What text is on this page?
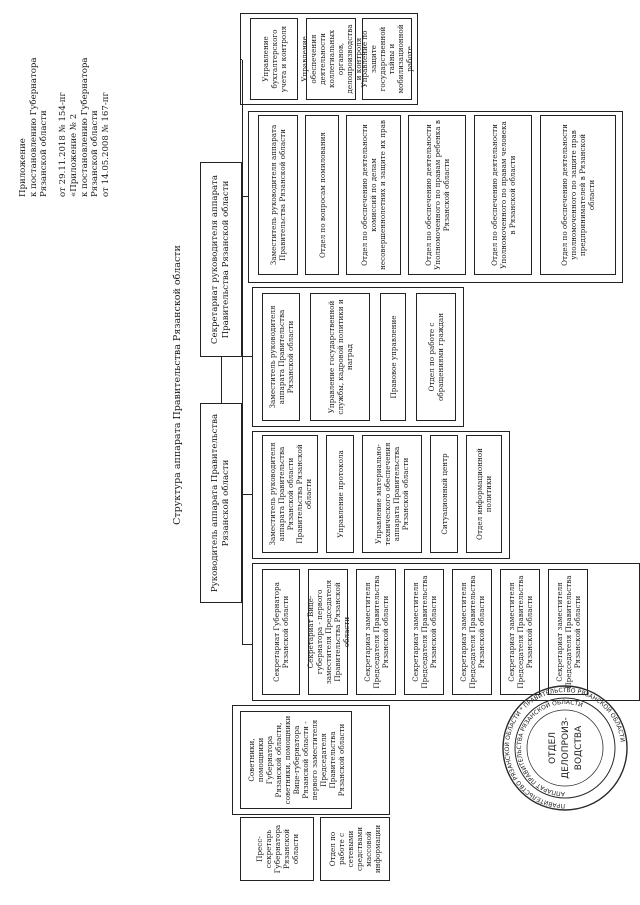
Приложение к постановлению Губернатора Рязанской области от 29.11.2018 № 154-пг «Приложение № 2 к постановлению Губернатора Рязанской области от 14.05.2008 № 167-пг
Структура аппарата Правительства Рязанской области	Руководитель аппарата Правительства Рязанской области
Секретариат руководителя аппарата Правительства Рязанской области
Управление бухгалтерского учета и контроля	Управление обеспечения деятельности коллегиальных органов, делопроизводства и контроля
Управление по защите государственной тайны и мобилизационной работе
Заместитель руководителя аппарата Правительства Рязанской области	Отдел по вопросам помилования	Отдел по обеспечению деятельности комиссий по делам несовершеннолетних и защите их прав	Отдел по обеспечению деятельности Уполномоченного по правам ребенка в Рязанской области	Отдел по обеспечению деятельности Уполномоченного по правам человека в Рязанской области	Отдел по обеспечению деятельности уполномоченного по защите прав предпринимателей в Рязанской области
Заместитель руководителя аппарата Правительства Рязанской области	Управление государственной службы, кадровой политики и наград	Правовое управление	Отдел по работе с обращениями граждан
Заместитель руководителя аппарата Правительства Рязанской области Правительства Рязанской области	Управление протокола	Управление материально-технического обеспечения аппарата Правительства Рязанской области	Ситуационный центр	Отдел информационной политики
Секретариат Губернатора Рязанской области	Секретариат Вице-губернатора - первого заместителя Председателя Правительства Рязанской области	Секретариат заместителя Председателя Правительства Рязанской области	Секретариат заместителя Председателя Правительства Рязанской области	Секретариат заместителя Председателя Правительства Рязанской области	Секретариат заместителя Председателя Правительства Рязанской области	Секретариат заместителя Председателя Правительства Рязанской области
Советники, помощники Губернатора Рязанской области, советники, помощники Вице-губернатора Рязанской области - первого заместителя Председателя Правительства Рязанской области
Пресс-секретарь Губернатора Рязанской области	Отдел по работе с сетевыми средствами массовой информации
ПРАВИТЕЛЬСТВО РЯЗАНСКОЙ ОБЛАСТИ * ПРАВИТЕЛЬСТВО РЯЗАНСКОЙ ОБЛАСТИ
АППАРАТ ПРАВИТЕЛЬСТВА РЯЗАНСКОЙ ОБЛАСТИ
ОТДЕЛ ДЕЛОПРОИЗ- ВОДСТВА
